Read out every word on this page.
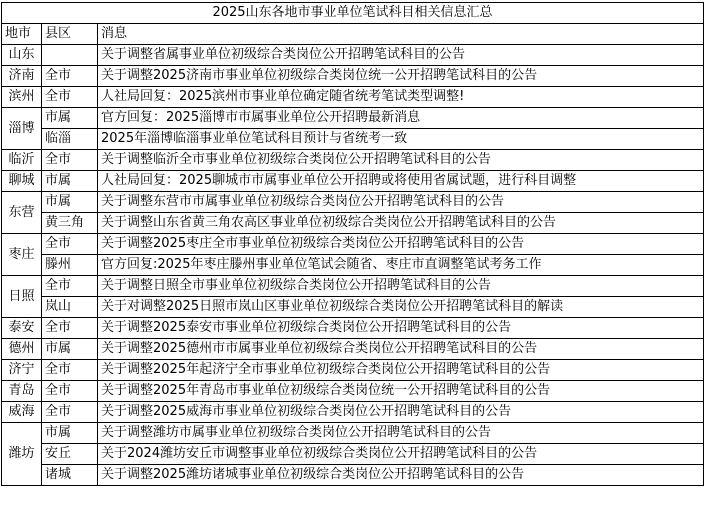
2025山东各地市事业单位笔试科目相关信息汇总		
地市	县区	消息
山东		关于调整省属事业单位初级综合类岗位公开招聘笔试科目的公告
济南	全市	关于调整2025济南市事业单位初级综合类岗位统一公开招聘笔试科目的公告
滨州	全市	人社局回复：2025滨州市事业单位确定随省统考笔试类型调整!
淄博	市属	官方回复：2025淄博市市属事业单位公开招聘最新消息
	临淄	2025年淄博临淄事业单位笔试科目预计与省统考一致
临沂	全市	关于调整临沂全市事业单位初级综合类岗位公开招聘笔试科目的公告
聊城	市属	人社局回复：2025聊城市市属事业单位公开招聘或将使用省属试题，进行科目调整
东营	市属	关于调整东营市市属事业单位初级综合类岗位公开招聘笔试科目的公告
	黄三角	关于调整山东省黄三角农高区事业单位初级综合类岗位公开招聘笔试科目的公告
枣庄	全市	关于调整2025枣庄全市事业单位初级综合类岗位公开招聘笔试科目的公告
	滕州	官方回复:2025年枣庄滕州事业单位笔试会随省、枣庄市直调整笔试考务工作
日照	全市	关于调整日照全市事业单位初级综合类岗位公开招聘笔试科目的公告
	岚山	关于对调整2025日照市岚山区事业单位初级综合类岗位公开招聘笔试科目的解读
泰安	全市	关于调整2025泰安市事业单位初级综合类岗位公开招聘笔试科目的公告
德州	市属	关于调整2025德州市市属事业单位初级综合类岗位公开招聘笔试科目的公告
济宁	全市	关于调整2025年起济宁全市事业单位初级综合类岗位公开招聘笔试科目的公告
青岛	全市	关于调整2025年青岛市事业单位初级综合类岗位统一公开招聘笔试科目的公告
威海	全市	关于调整2025威海市事业单位初级综合类岗位公开招聘笔试科目的公告
潍坊	市属	关于调整潍坊市属事业单位初级综合类岗位公开招聘笔试科目的公告
	安丘	关于2024潍坊安丘市调整事业单位初级综合类岗位公开招聘笔试科目的公告
	诸城	关于调整2025潍坊诸城事业单位初级综合类岗位公开招聘笔试科目的公告
